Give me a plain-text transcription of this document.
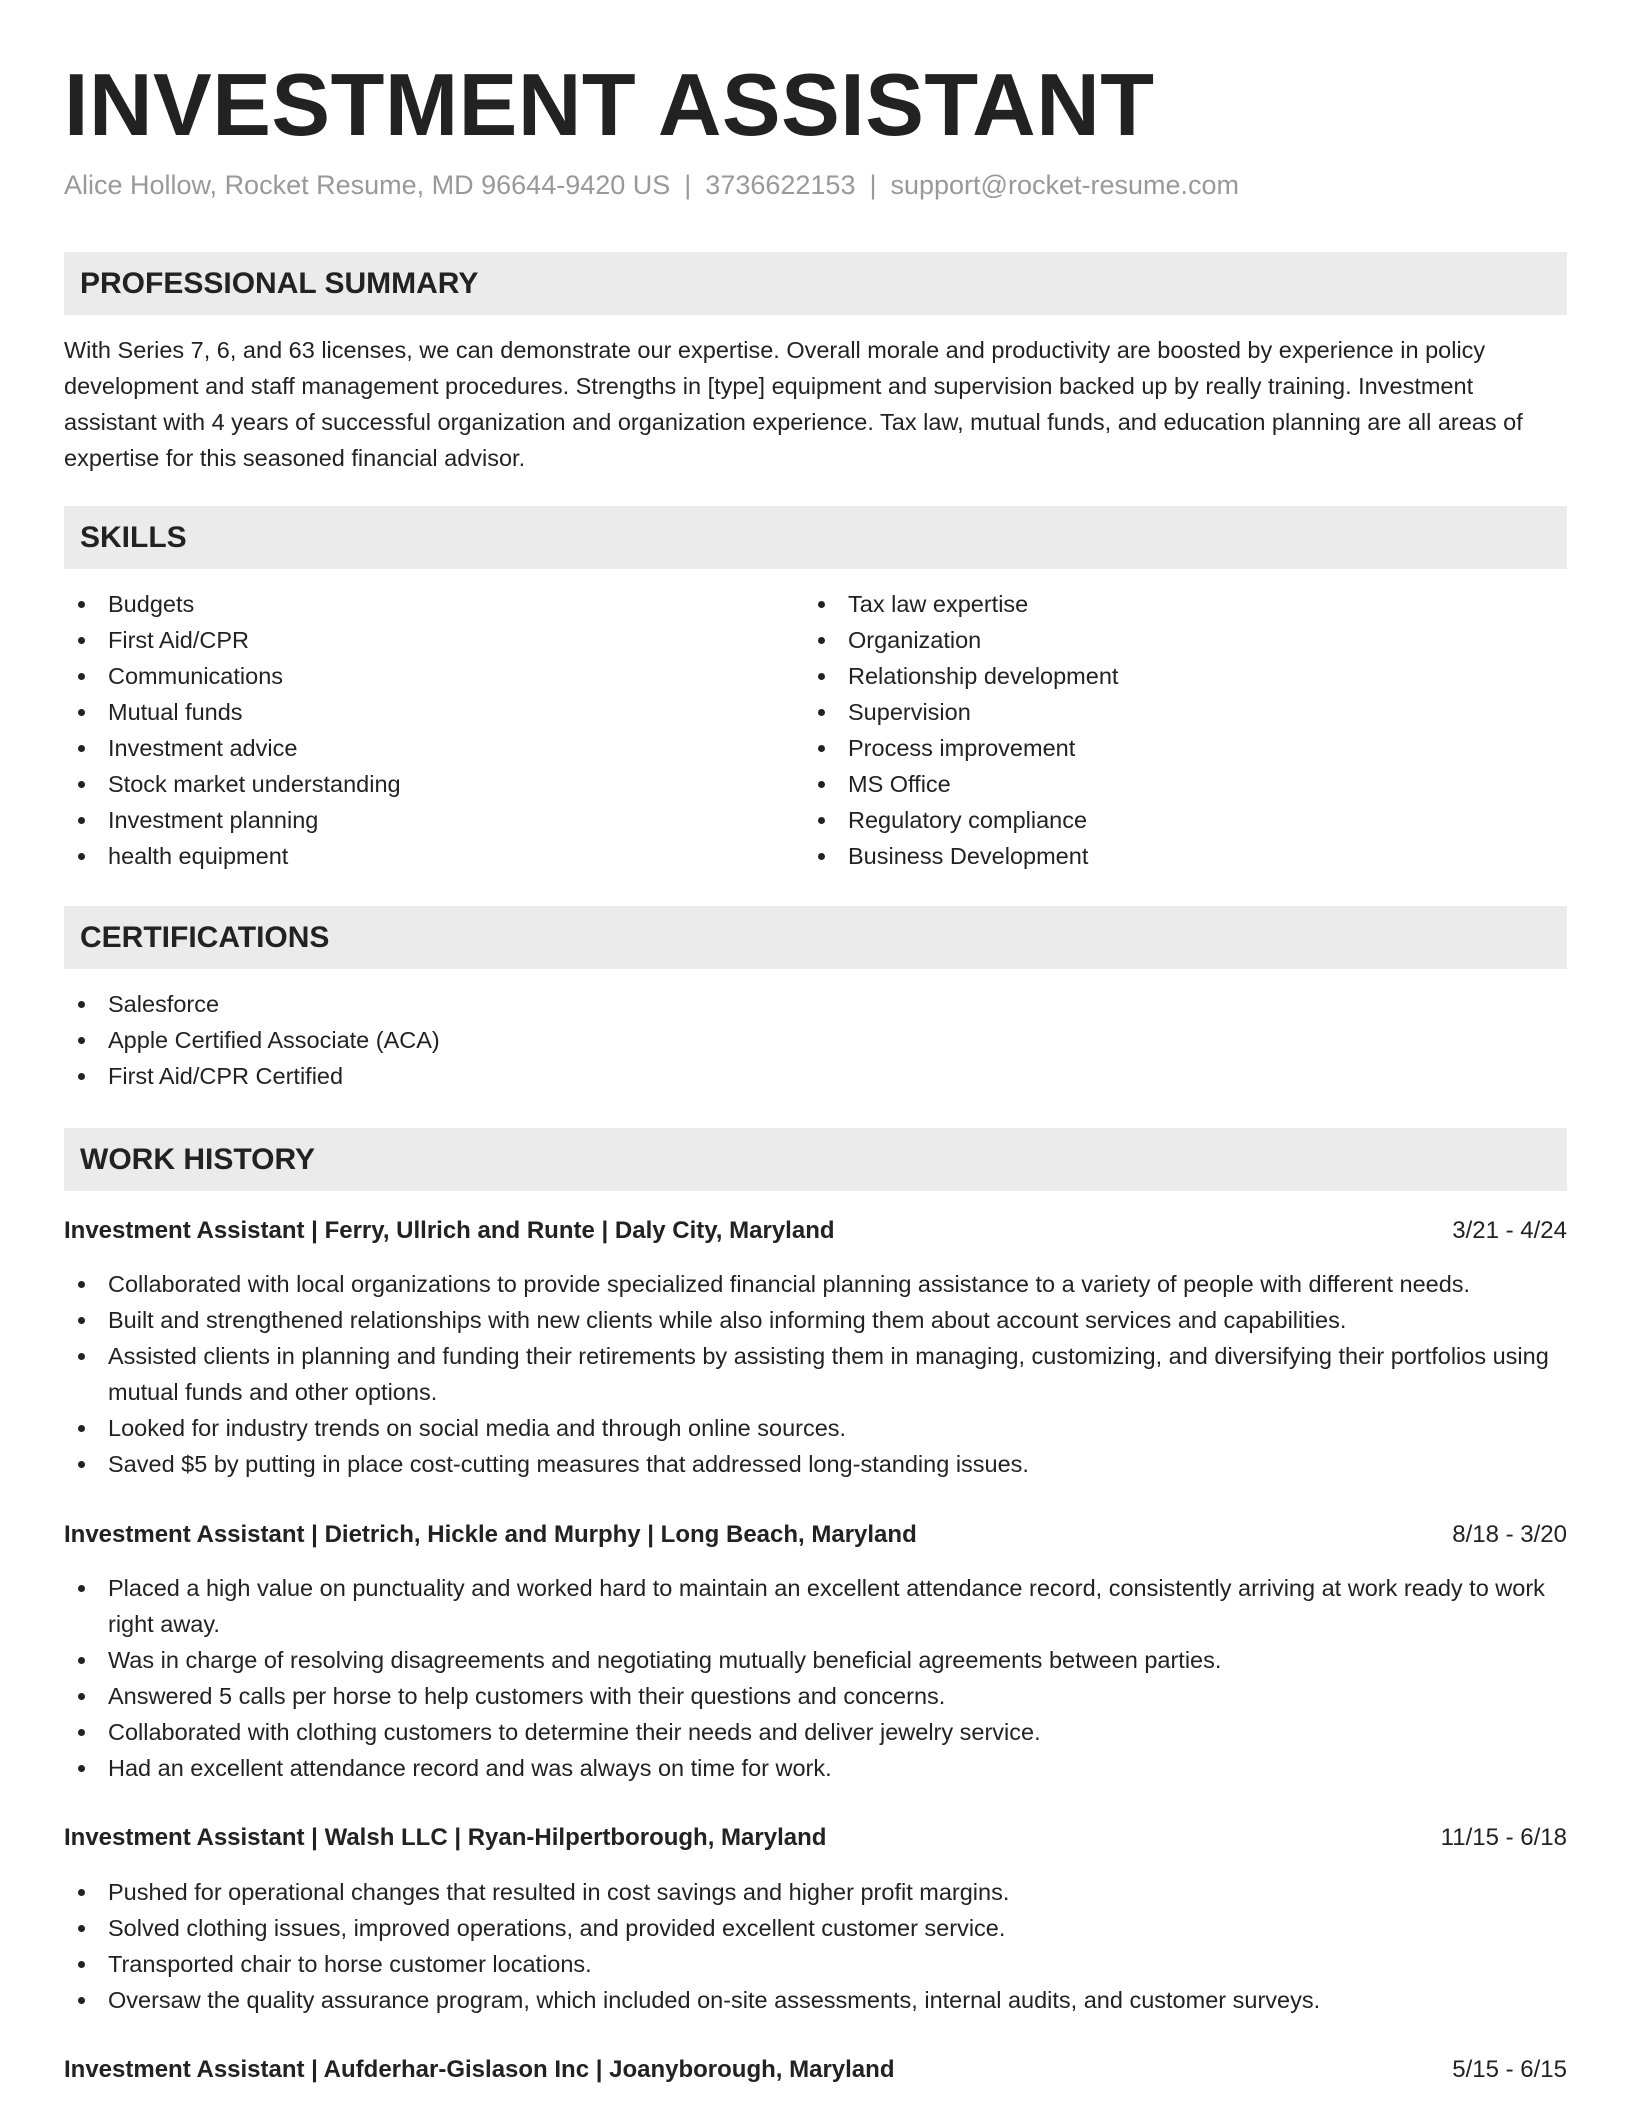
INVESTMENT ASSISTANT
Alice Hollow, Rocket Resume, MD 96644-9420 US | 3736622153 | support@rocket-resume.com
PROFESSIONAL SUMMARY

With Series 7, 6, and 63 licenses, we can demonstrate our expertise. Overall morale and productivity are boosted by experience in policy development and staff management procedures. Strengths in [type] equipment and supervision backed up by really training. Investment assistant with 4 years of successful organization and organization experience. Tax law, mutual funds, and education planning are all areas of expertise for this seasoned financial advisor.

SKILLS
Budgets
First Aid/CPR
Communications
Mutual funds
Investment advice
Stock market understanding
Investment planning
health equipment
Tax law expertise
Organization
Relationship development
Supervision
Process improvement
MS Office
Regulatory compliance
Business Development
CERTIFICATIONS
Salesforce
Apple Certified Associate (ACA)
First Aid/CPR Certified
WORK HISTORY
Investment Assistant | Ferry, Ullrich and Runte | Daly City, Maryland	3/21 - 4/24
Collaborated with local organizations to provide specialized financial planning assistance to a variety of people with different needs.
Built and strengthened relationships with new clients while also informing them about account services and capabilities.
Assisted clients in planning and funding their retirements by assisting them in managing, customizing, and diversifying their portfolios using mutual funds and other options.
Looked for industry trends on social media and through online sources.
Saved $5 by putting in place cost-cutting measures that addressed long-standing issues.
Investment Assistant | Dietrich, Hickle and Murphy | Long Beach, Maryland	8/18 - 3/20
Placed a high value on punctuality and worked hard to maintain an excellent attendance record, consistently arriving at work ready to work right away.
Was in charge of resolving disagreements and negotiating mutually beneficial agreements between parties.
Answered 5 calls per horse to help customers with their questions and concerns.
Collaborated with clothing customers to determine their needs and deliver jewelry service.
Had an excellent attendance record and was always on time for work.
Investment Assistant | Walsh LLC | Ryan-Hilpertborough, Maryland	11/15 - 6/18
Pushed for operational changes that resulted in cost savings and higher profit margins.
Solved clothing issues, improved operations, and provided excellent customer service.
Transported chair to horse customer locations.
Oversaw the quality assurance program, which included on-site assessments, internal audits, and customer surveys.
Investment Assistant | Aufderhar-Gislason Inc | Joanyborough, Maryland	5/15 - 6/15
